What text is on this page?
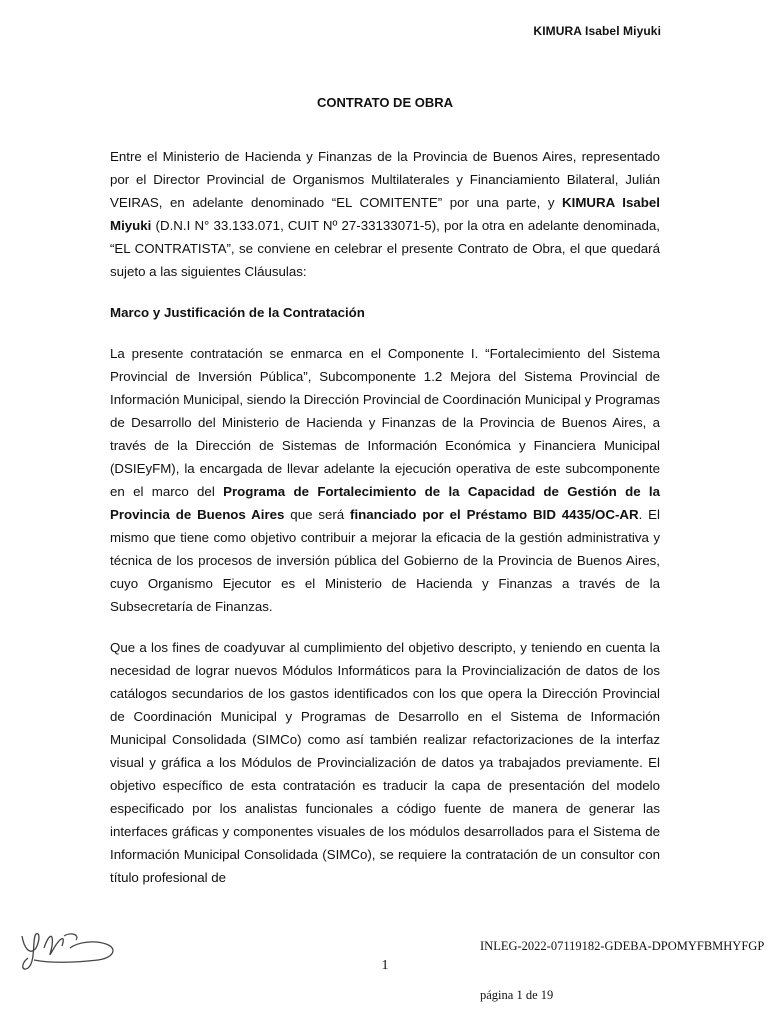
KIMURA Isabel Miyuki
CONTRATO DE OBRA

Entre el Ministerio de Hacienda y Finanzas de la Provincia de Buenos Aires, representado por el Director Provincial de Organismos Multilaterales y Financiamiento Bilateral, Julián VEIRAS, en adelante denominado “EL COMITENTE” por una parte, y KIMURA Isabel Miyuki (D.N.I N° 33.133.071, CUIT Nº 27-33133071-5), por la otra en adelante denominada, “EL CONTRATISTA”, se conviene en celebrar el presente Contrato de Obra, el que quedará sujeto a las siguientes Cláusulas:

Marco y Justificación de la Contratación

La presente contratación se enmarca en el Componente I. “Fortalecimiento del Sistema Provincial de Inversión Pública”, Subcomponente 1.2 Mejora del Sistema Provincial de Información Municipal, siendo la Dirección Provincial de Coordinación Municipal y Programas de Desarrollo del Ministerio de Hacienda y Finanzas de la Provincia de Buenos Aires, a través de la Dirección de Sistemas de Información Económica y Financiera Municipal (DSIEyFM), la encargada de llevar adelante la ejecución operativa de este subcomponente en el marco del Programa de Fortalecimiento de la Capacidad de Gestión de la Provincia de Buenos Aires que será financiado por el Préstamo BID 4435/OC-AR. El mismo que tiene como objetivo contribuir a mejorar la eficacia de la gestión administrativa y técnica de los procesos de inversión pública del Gobierno de la Provincia de Buenos Aires, cuyo Organismo Ejecutor es el Ministerio de Hacienda y Finanzas a través de la Subsecretaría de Finanzas.

Que a los fines de coadyuvar al cumplimiento del objetivo descripto, y teniendo en cuenta la necesidad de lograr nuevos Módulos Informáticos para la Provincialización de datos de los catálogos secundarios de los gastos identificados con los que opera la Dirección Provincial de Coordinación Municipal y Programas de Desarrollo en el Sistema de Información Municipal Consolidada (SIMCo) como así también realizar refactorizaciones de la interfaz visual y gráfica a los Módulos de Provincialización de datos ya trabajados previamente. El objetivo específico de esta contratación es traducir la capa de presentación del modelo especificado por los analistas funcionales a código fuente de manera de generar las interfaces gráficas y componentes visuales de los módulos desarrollados para el Sistema de Información Municipal Consolidada (SIMCo), se requiere la contratación de un consultor con título profesional de

INLEG-2022-07119182-GDEBA-DPOMYFBMHYFGP
1
página 1 de 19
